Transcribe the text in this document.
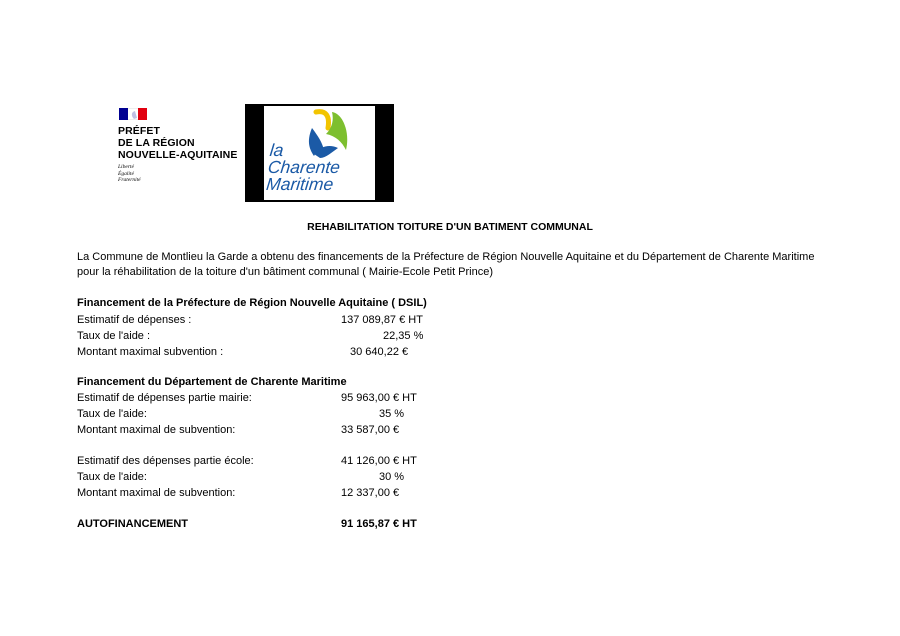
PRÉFET
DE LA RÉGION
NOUVELLE-AQUITAINE
Liberté
Égalité
Fraternité
la
Charente
Maritime
REHABILITATION TOITURE D'UN BATIMENT COMMUNAL
La Commune de Montlieu la Garde a obtenu des financements de la Préfecture de Région Nouvelle Aquitaine et du Département de Charente Maritime pour la réhabilitation de la toiture d'un bâtiment communal ( Mairie-Ecole Petit Prince)
Financement de la Préfecture de Région Nouvelle Aquitaine ( DSIL)
Estimatif de dépenses :	137 089,87 € HT
Taux de l'aide :	22,35 %
Montant maximal subvention :	30 640,22 €
Financement du Département de Charente Maritime
Estimatif de dépenses partie mairie:	95 963,00 € HT
Taux de l'aide:	35 %
Montant maximal de subvention:	33 587,00 €
Estimatif des dépenses partie école:	41 126,00 € HT
Taux de l'aide:	30 %
Montant maximal de subvention:	12 337,00 €
AUTOFINANCEMENT	91 165,87 € HT
